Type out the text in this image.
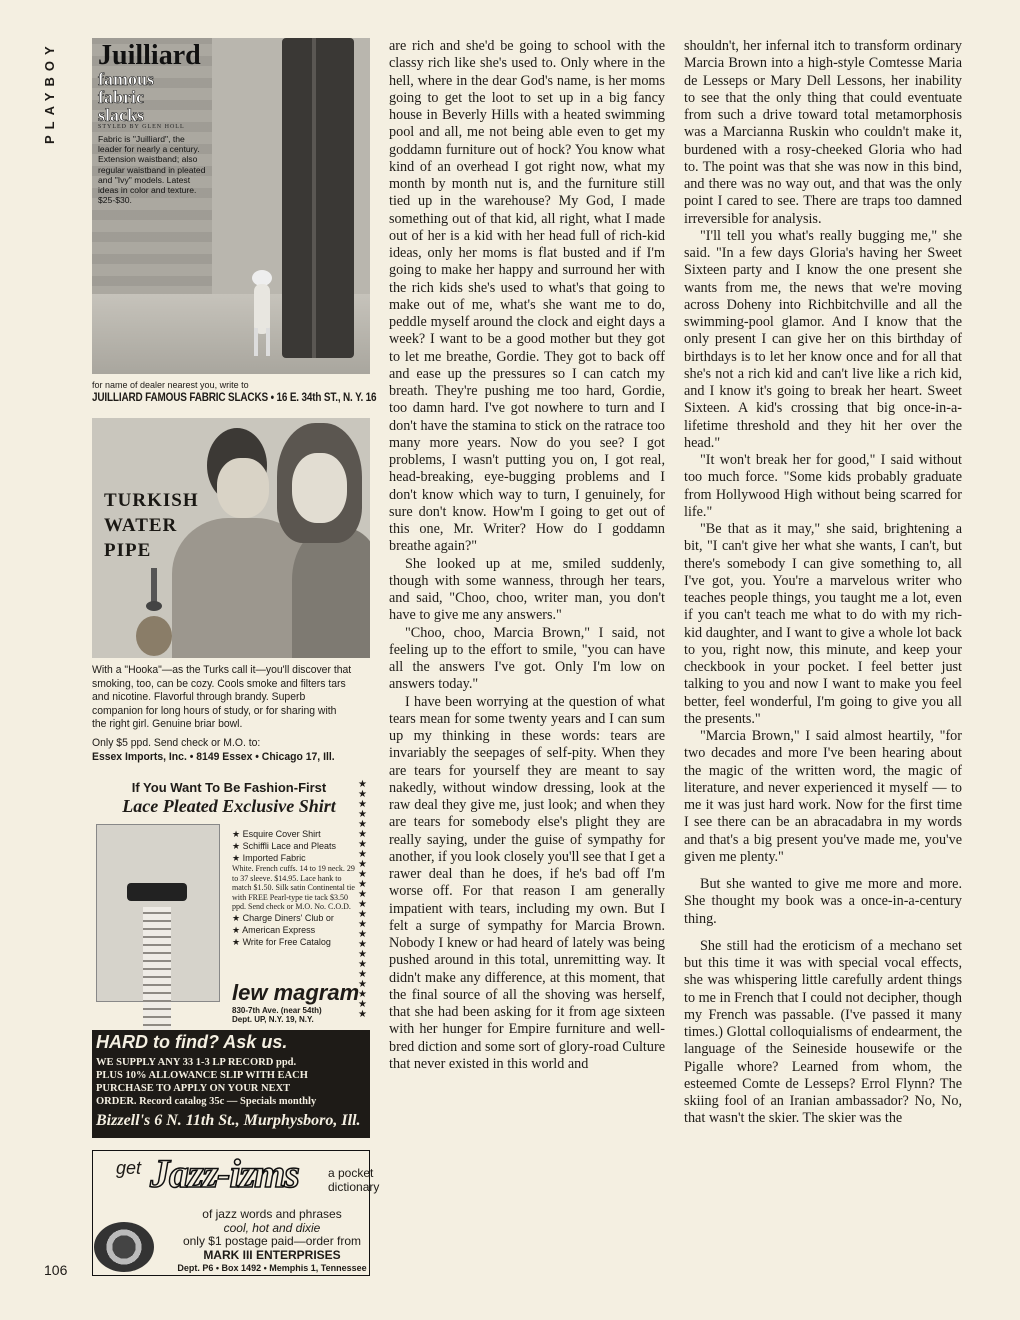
PLAYBOY Juilliard
famous
fabric
slacks
STYLED BY GLEN HOLL
Fabric is "Juilliard", the leader for nearly a century. Extension waistband; also regular waistband in pleated and "Ivy" models. Latest ideas in color and texture. $25-$30.
for name of dealer nearest you, write to
JUILLIARD FAMOUS FABRIC SLACKS • 16 E. 34th ST., N. Y. 16
TURKISH
WATER
PIPE

With a "Hooka"—as the Turks call it—you'll discover that smoking, too, can be cozy. Cools smoke and filters tars and nicotine. Flavorful through brandy. Superb companion for long hours of study, or for sharing with the right girl. Genuine briar bowl.

Only $5 ppd. Send check or M.O. to:

Essex Imports, Inc. • 8149 Essex • Chicago 17, Ill.

★
★
★
★
★
★
★
★
★
★
★
★
★
★
★
★
★
★
★
★
★
★
★
★
If You Want To Be Fashion-First
Lace Pleated Exclusive Shirt
★ Esquire Cover Shirt
★ Schiffli Lace and Pleats
★ Imported Fabric
White. French cuffs. 14 to 19 neck. 29 to 37 sleeve. $14.95. Lace hank to match $1.50. Silk satin Continental tie with FREE Pearl-type tie tack $3.50 ppd. Send check or M.O. No. C.O.D.
★ Charge Diners' Club or
★ American Express
★ Write for Free Catalog
lew magram
830-7th Ave. (near 54th)
Dept. UP, N.Y. 19, N.Y.
HARD to find? Ask us.
WE SUPPLY ANY 33 1-3 LP RECORD ppd.
PLUS 10% ALLOWANCE SLIP WITH EACH
PURCHASE TO APPLY ON YOUR NEXT
ORDER. Record catalog 35c — Specials monthly
Bizzell's 6 N. 11th St., Murphysboro, Ill.
get Jazz-izms a pocket
dictionary
of jazz words and phrases
cool, hot and dixie
only $1 postage paid—order from
MARK III ENTERPRISES
Dept. P6 • Box 1492 • Memphis 1, Tennessee
106

are rich and she'd be going to school with the classy rich like she's used to. Only where in the hell, where in the dear God's name, is her moms going to get the loot to set up in a big fancy house in Beverly Hills with a heated swimming pool and all, me not being able even to get my goddamn furniture out of hock? You know what kind of an overhead I got right now, what my month by month nut is, and the furniture still tied up in the warehouse? My God, I made something out of that kid, all right, what I made out of her is a kid with her head full of rich-kid ideas, only her moms is flat busted and if I'm going to make her happy and surround her with the rich kids she's used to what's that going to make out of me, what's she want me to do, peddle myself around the clock and eight days a week? I want to be a good mother but they got to let me breathe, Gordie. They got to back off and ease up the pressures so I can catch my breath. They're pushing me too hard, Gordie, too damn hard. I've got nowhere to turn and I don't have the stamina to stick on the ratrace too many more years. Now do you see? I got problems, I wasn't putting you on, I got real, head-breaking, eye-bugging problems and I don't know which way to turn, I genuinely, for sure don't know. How'm I going to get out of this one, Mr. Writer? How do I goddamn breathe again?"

She looked up at me, smiled suddenly, though with some wanness, through her tears, and said, "Choo, choo, writer man, you don't have to give me any answers."

"Choo, choo, Marcia Brown," I said, not feeling up to the effort to smile, "you can have all the answers I've got. Only I'm low on answers today."

I have been worrying at the question of what tears mean for some twenty years and I can sum up my thinking in these words: tears are invariably the seepages of self-pity. When they are tears for yourself they are meant to say nakedly, without window dressing, look at the raw deal they give me, just look; and when they are tears for somebody else's plight they are really saying, under the guise of sympathy for another, if you look closely you'll see that I get a rawer deal than he does, if he's bad off I'm worse off. For that reason I am generally impatient with tears, including my own. But I felt a surge of sympathy for Marcia Brown. Nobody I knew or had heard of lately was being pushed around in this total, unremitting way. It didn't make any difference, at this moment, that the final source of all the shoving was herself, that she had been asking for it from age sixteen with her hunger for Empire furniture and well-bred diction and some sort of glory-road Culture that never existed in this world and

shouldn't, her infernal itch to transform ordinary Marcia Brown into a high-style Comtesse Maria de Lesseps or Mary Dell Lessons, her inability to see that the only thing that could eventuate from such a drive toward total metamorphosis was a Marcianna Ruskin who couldn't make it, burdened with a rosy-cheeked Gloria who had to. The point was that she was now in this bind, and there was no way out, and that was the only point I cared to see. There are traps too damned irreversible for analysis.

"I'll tell you what's really bugging me," she said. "In a few days Gloria's having her Sweet Sixteen party and I know the one present she wants from me, the news that we're moving across Doheny into Richbitchville and all the swimming-pool glamor. And I know that the only present I can give her on this birthday of birthdays is to let her know once and for all that she's not a rich kid and can't live like a rich kid, and I know it's going to break her heart. Sweet Sixteen. A kid's crossing that big once-in-a-lifetime threshold and they hit her over the head."

"It won't break her for good," I said without too much force. "Some kids probably graduate from Hollywood High without being scarred for life."

"Be that as it may," she said, brightening a bit, "I can't give her what she wants, I can't, but there's somebody I can give something to, all I've got, you. You're a marvelous writer who teaches people things, you taught me a lot, even if you can't teach me what to do with my rich-kid daughter, and I want to give a whole lot back to you, right now, this minute, and keep your checkbook in your pocket. I feel better just talking to you and now I want to make you feel better, feel wonderful, I'm going to give you all the presents."

"Marcia Brown," I said almost heartily, "for two decades and more I've been hearing about the magic of the written word, the magic of literature, and never experienced it myself — to me it was just hard work. Now for the first time I see there can be an abracadabra in my words and that's a big present you've made me, you've given me plenty."

But she wanted to give me more and more. She thought my book was a once-in-a-century thing.

She still had the eroticism of a mechano set but this time it was with special vocal effects, she was whispering little carefully ardent things to me in French that I could not decipher, though my French was passable. (I've passed it many times.) Glottal colloquialisms of endearment, the language of the Seineside housewife or the Pigalle whore? Learned from whom, the esteemed Comte de Lesseps? Errol Flynn? The skiing fool of an Iranian ambassador? No, No, that wasn't the skier. The skier was the
